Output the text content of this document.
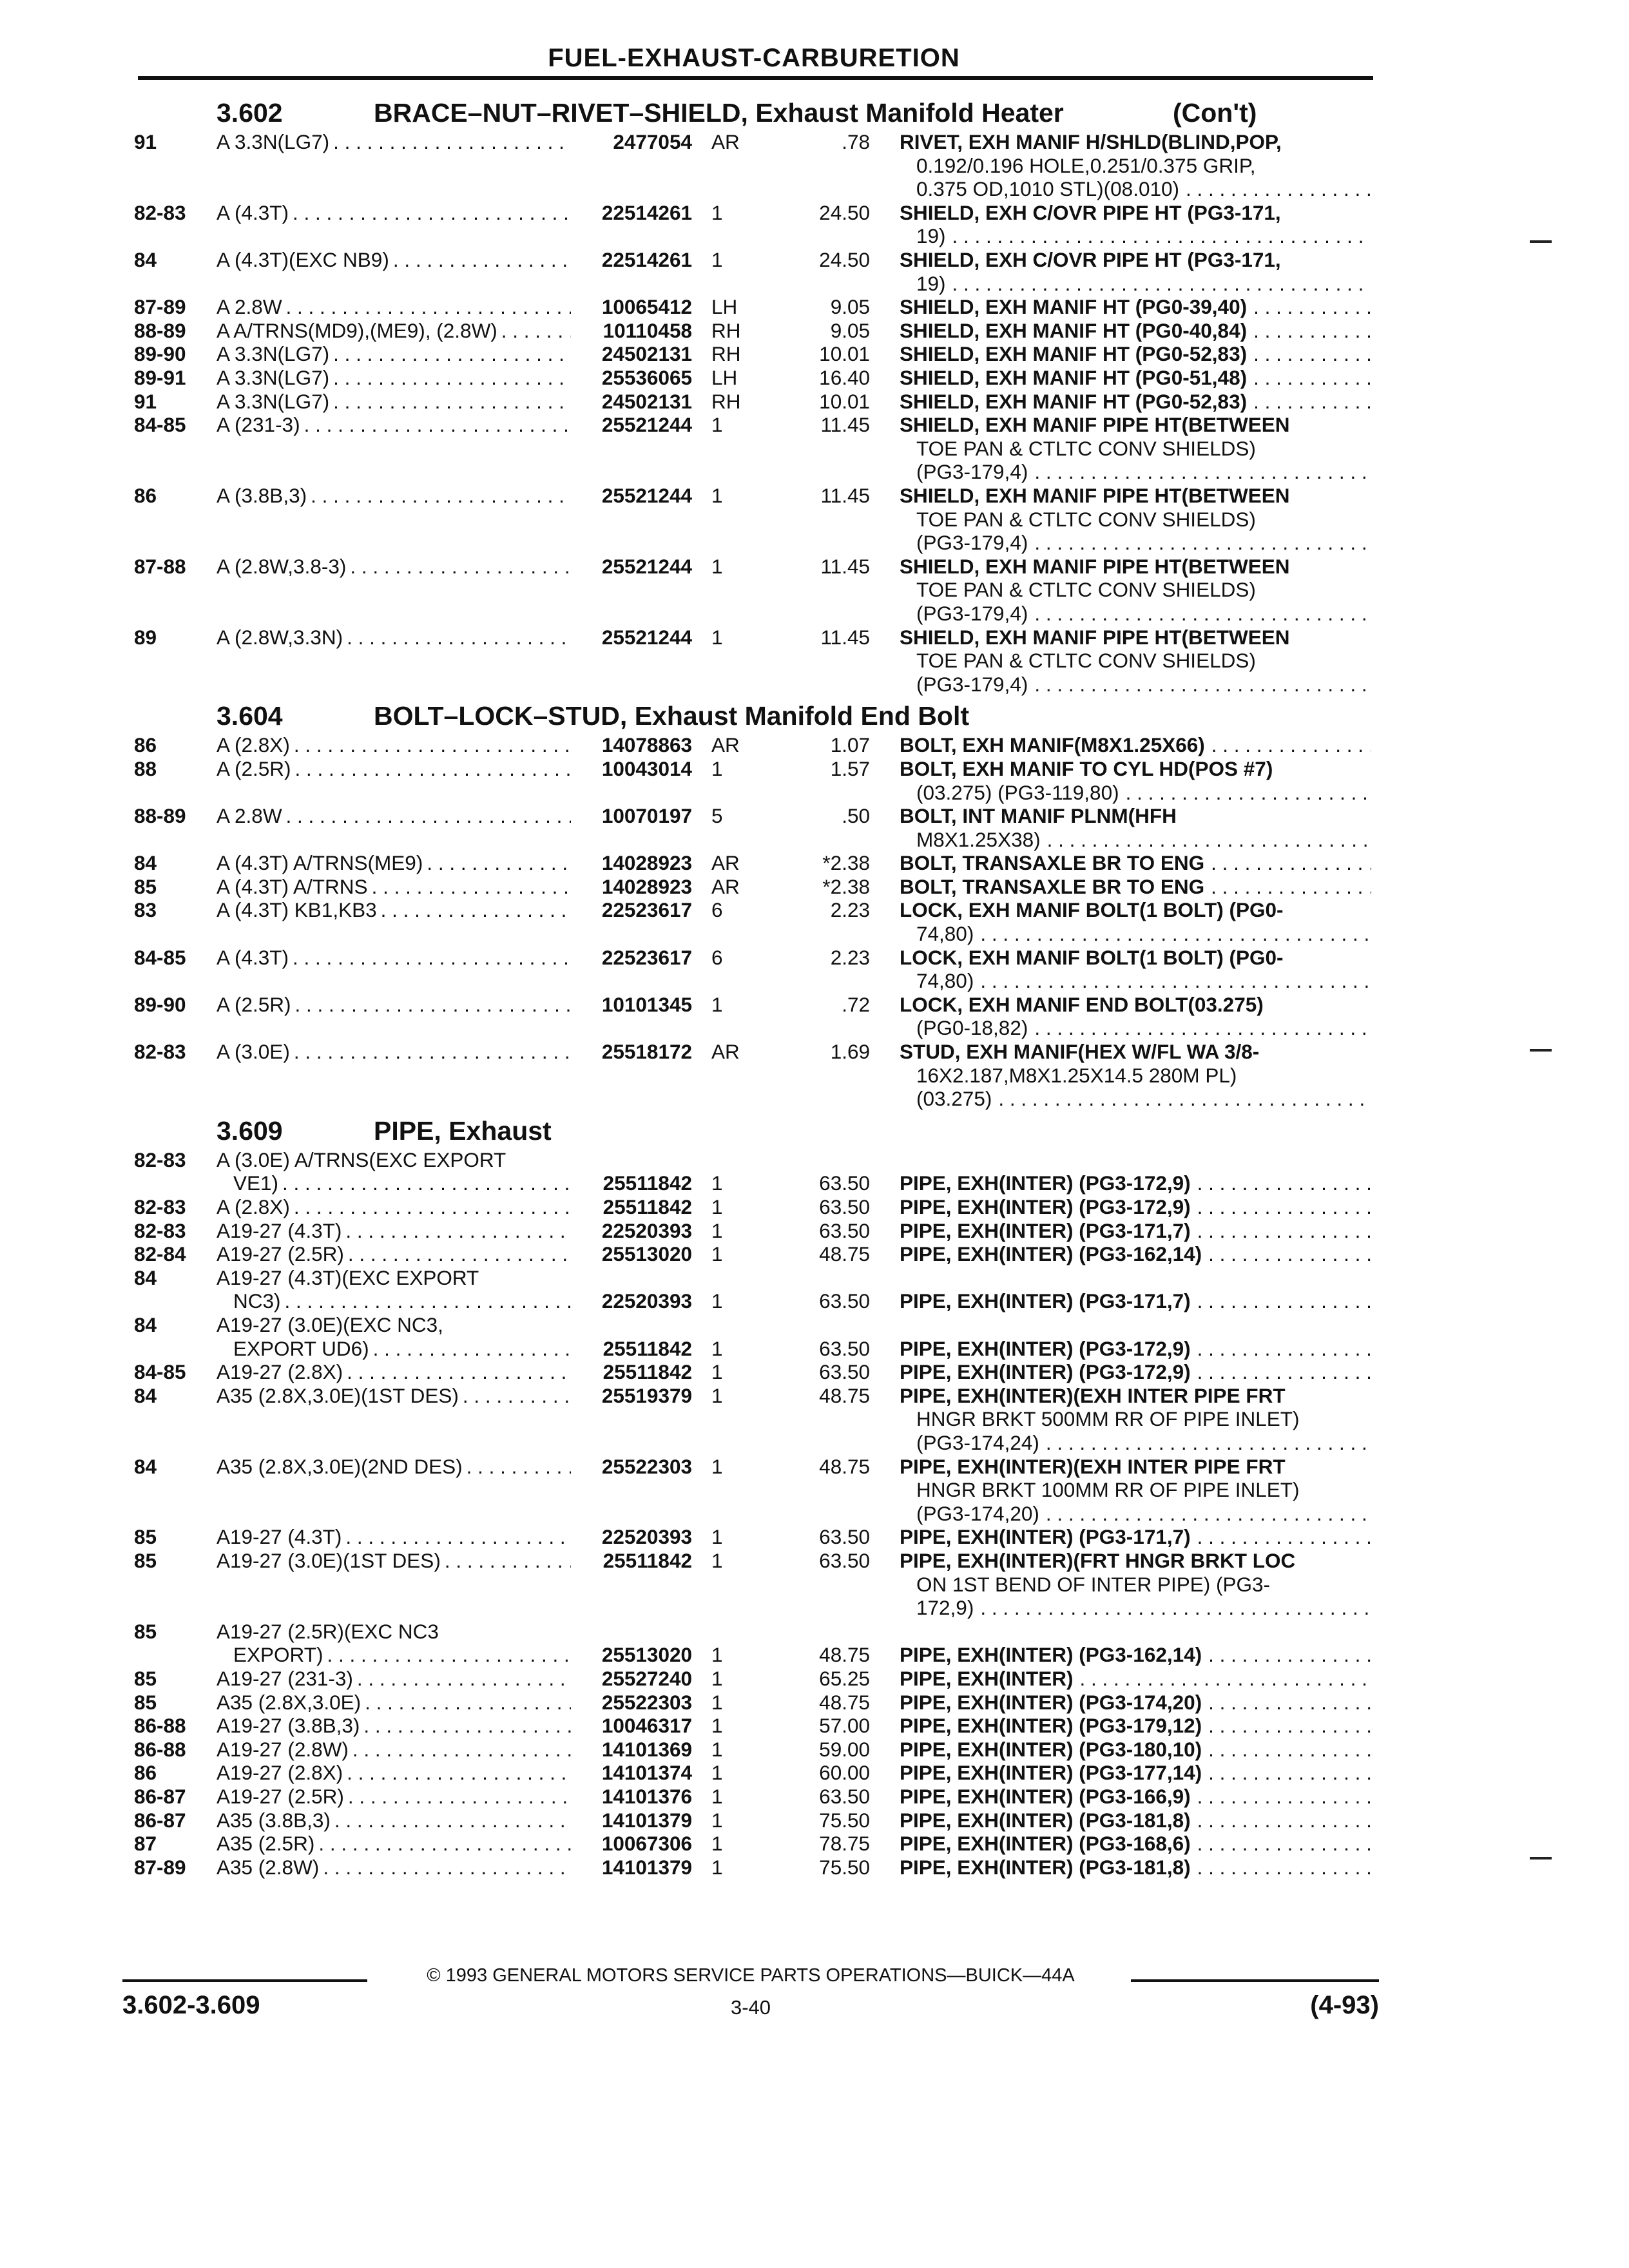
FUEL-EXHAUST-CARBURETION
3.602	BRACE–NUT–RIVET–SHIELD, Exhaust Manifold Heater	(Con't)
91	A 3.3N(LG7) . . .	2477054 AR	.78 RIVET, EXH MANIF H/SHLD(BLIND,POP,
0.192/0.196 HOLE,0.251/0.375 GRIP,
0.375 OD,1010 STL)(08.010)
. . .
82-83 A (4.3T) . . .	22514261 1	24.50 SHIELD, EXH C/OVR PIPE HT (PG3-171,
19)
. . .
84	A (4.3T)(EXC NB9) . . .	22514261 1	24.50 SHIELD, EXH C/OVR PIPE HT (PG3-171,
19)
. . .
87-89 A 2.8W . . .	10065412 LH	9.05 SHIELD, EXH MANIF HT (PG0-39,40)
. . .
88-89 A A/TRNS(MD9),(ME9), (2.8W) . . .	10110458 RH	9.05 SHIELD, EXH MANIF HT (PG0-40,84)
. . .
89-90 A 3.3N(LG7) . . .	24502131 RH	10.01 SHIELD, EXH MANIF HT (PG0-52,83)
. . .
89-91 A 3.3N(LG7) . . .	25536065 LH	16.40 SHIELD, EXH MANIF HT (PG0-51,48)
. . .
91	A 3.3N(LG7) . . .	24502131 RH	10.01 SHIELD, EXH MANIF HT (PG0-52,83)
. . .
84-85 A (231-3) . . .	25521244 1	11.45 SHIELD, EXH MANIF PIPE HT(BETWEEN
TOE PAN & CTLTC CONV SHIELDS)
(PG3-179,4)
. . .
86	A (3.8B,3) . . .	25521244 1	11.45 SHIELD, EXH MANIF PIPE HT(BETWEEN
TOE PAN & CTLTC CONV SHIELDS)
(PG3-179,4)
. . .
87-88 A (2.8W,3.8-3) . . .	25521244 1	11.45 SHIELD, EXH MANIF PIPE HT(BETWEEN
TOE PAN & CTLTC CONV SHIELDS)
(PG3-179,4)
. . .
89	A (2.8W,3.3N) . . .	25521244 1	11.45 SHIELD, EXH MANIF PIPE HT(BETWEEN
TOE PAN & CTLTC CONV SHIELDS)
(PG3-179,4)
. . .
3.604	BOLT–LOCK–STUD, Exhaust Manifold End Bolt
86	A (2.8X) . . .	14078863 AR	1.07 BOLT, EXH MANIF(M8X1.25X66)
. . .
88	A (2.5R) . . .	10043014 1	1.57 BOLT, EXH MANIF TO CYL HD(POS #7)
(03.275) (PG3-119,80)
. . .
88-89 A 2.8W . . .	10070197 5	.50 BOLT, INT MANIF PLNM(HFH
M8X1.25X38)
. . .
84	A (4.3T) A/TRNS(ME9) . . .	14028923 AR	*2.38 BOLT, TRANSAXLE BR TO ENG
. . .
85	A (4.3T) A/TRNS . . .	14028923 AR	*2.38 BOLT, TRANSAXLE BR TO ENG
. . .
83	A (4.3T) KB1,KB3 . . .	22523617 6	2.23 LOCK, EXH MANIF BOLT(1 BOLT) (PG0-
74,80)
. . .
84-85 A (4.3T) . . .	22523617 6	2.23 LOCK, EXH MANIF BOLT(1 BOLT) (PG0-
74,80)
. . .
89-90 A (2.5R) . . .	10101345 1	.72 LOCK, EXH MANIF END BOLT(03.275)
(PG0-18,82)
. . .
82-83 A (3.0E) . . .	25518172 AR	1.69 STUD, EXH MANIF(HEX W/FL WA 3/8-
16X2.187,M8X1.25X14.5 280M PL)
(03.275)
. . .
3.609	PIPE, Exhaust
82-83 A (3.0E) A/TRNS(EXC EXPORT
VE1) . . .	25511842 1	63.50 PIPE, EXH(INTER) (PG3-172,9)
. . .
82-83 A (2.8X) . . .	25511842 1	63.50 PIPE, EXH(INTER) (PG3-172,9)
. . .
82-83 A19-27 (4.3T) . . .	22520393 1	63.50 PIPE, EXH(INTER) (PG3-171,7)
. . .
82-84 A19-27 (2.5R) . . .	25513020 1	48.75 PIPE, EXH(INTER) (PG3-162,14)
. . .
84	A19-27 (4.3T)(EXC EXPORT
NC3) . . .	22520393 1	63.50 PIPE, EXH(INTER) (PG3-171,7)
. . .
84	A19-27 (3.0E)(EXC NC3,
EXPORT UD6) . . .	25511842 1	63.50 PIPE, EXH(INTER) (PG3-172,9)
. . .
84-85 A19-27 (2.8X) . . .	25511842 1	63.50 PIPE, EXH(INTER) (PG3-172,9)
. . .
84	A35 (2.8X,3.0E)(1ST DES) . . .	25519379 1	48.75 PIPE, EXH(INTER)(EXH INTER PIPE FRT
HNGR BRKT 500MM RR OF PIPE INLET)
(PG3-174,24)
. . .
84	A35 (2.8X,3.0E)(2ND DES) . . .	25522303 1	48.75 PIPE, EXH(INTER)(EXH INTER PIPE FRT
HNGR BRKT 100MM RR OF PIPE INLET)
(PG3-174,20)
. . .
85	A19-27 (4.3T) . . .	22520393 1	63.50 PIPE, EXH(INTER) (PG3-171,7)
. . .
85	A19-27 (3.0E)(1ST DES) . . .	25511842 1	63.50 PIPE, EXH(INTER)(FRT HNGR BRKT LOC
ON 1ST BEND OF INTER PIPE) (PG3-
172,9)
. . .
85	A19-27 (2.5R)(EXC NC3
EXPORT) . . .	25513020 1	48.75 PIPE, EXH(INTER) (PG3-162,14)
. . .
85	A19-27 (231-3) . . .	25527240 1	65.25 PIPE, EXH(INTER)
. . .
85	A35 (2.8X,3.0E) . . .	25522303 1	48.75 PIPE, EXH(INTER) (PG3-174,20)
. . .
86-88 A19-27 (3.8B,3) . . .	10046317 1	57.00 PIPE, EXH(INTER) (PG3-179,12)
. . .
86-88 A19-27 (2.8W) . . .	14101369 1	59.00 PIPE, EXH(INTER) (PG3-180,10)
. . .
86	A19-27 (2.8X) . . .	14101374 1	60.00 PIPE, EXH(INTER) (PG3-177,14)
. . .
86-87 A19-27 (2.5R) . . .	14101376 1	63.50 PIPE, EXH(INTER) (PG3-166,9)
. . .
86-87 A35 (3.8B,3) . . .	14101379 1	75.50 PIPE, EXH(INTER) (PG3-181,8)
. . .
87	A35 (2.5R) . . .	10067306 1	78.75 PIPE, EXH(INTER) (PG3-168,6)
. . .
87-89 A35 (2.8W) . . .	14101379 1	75.50 PIPE, EXH(INTER) (PG3-181,8)
. . .
© 1993 GENERAL MOTORS SERVICE PARTS OPERATIONS—BUICK—44A
3.602-3.609	3-40	(4-93)
